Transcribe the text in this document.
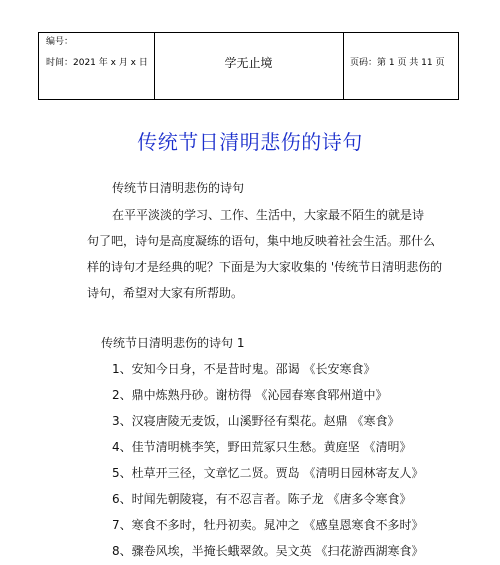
编号：
时间：2021 年 x 月 x 日	学无止境	页码：第 1 页 共 11 页
传统节日清明悲伤的诗句
传统节日清明悲伤的诗句
在平平淡淡的学习、工作、生活中，大家最不陌生的就是诗
句了吧，诗句是高度凝练的语句，集中地反映着社会生活。那什么
样的诗句才是经典的呢？下面是为大家收集的 '传统节日清明悲伤的
诗句，希望对大家有所帮助。
传统节日清明悲伤的诗句 1
1、安知今日身，不是昔时鬼。邵谒 《长安寒食》
2、鼎中炼熟丹砂。谢枋得 《沁园春寒食郓州道中》
3、汉寝唐陵无麦饭，山溪野径有梨花。赵鼎 《寒食》
4、佳节清明桃李笑，野田荒冢只生愁。黄庭坚 《清明》
5、杜草开三径，文章忆二贤。贾岛 《清明日园林寄友人》
6、时闻先朝陵寝，有不忍言者。陈子龙 《唐多令寒食》
7、寒食不多时，牡丹初卖。晁冲之 《感皇恩寒食不多时》
8、骤卷风埃，半掩长蛾翠敛。吴文英 《扫花游西湖寒食》
